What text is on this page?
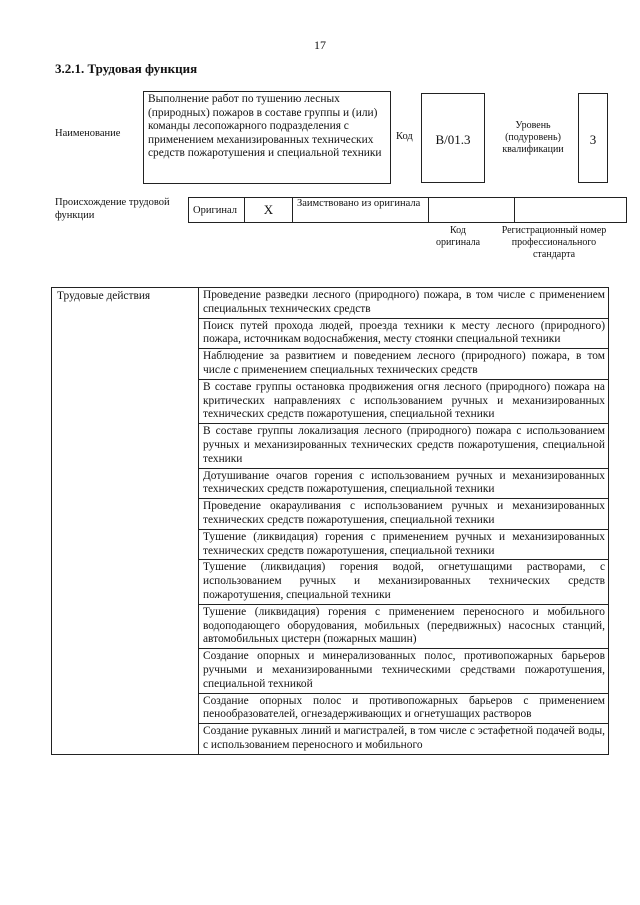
17
3.2.1. Трудовая функция
Наименование
Выполнение работ по тушению лесных (природных) пожаров в составе группы и (или) команды лесопожарного подразделения с применением механизированных технических средств пожаротушения и специальной техники
Код	B/01.3
Уровень (подуровень) квалификации
3
Происхождение трудовой функции	Оригинал	X	Заимствовано из оригинала		
Код оригинала
Регистрационный номер профессионального стандарта
Трудовые действия	Проведение разведки лесного (природного) пожара, в том числе с применением специальных технических средств
Поиск путей прохода людей, проезда техники к месту лесного (природного) пожара, источникам водоснабжения, месту стоянки специальной техники
Наблюдение за развитием и поведением лесного (природного) пожара, в том числе с применением специальных технических средств
В составе группы остановка продвижения огня лесного (природного) пожара на критических направлениях с использованием ручных и механизированных технических средств пожаротушения, специальной техники
В составе группы локализация лесного (природного) пожара с использованием ручных и механизированных технических средств пожаротушения, специальной техники
Дотушивание очагов горения с использованием ручных и механизированных технических средств пожаротушения, специальной техники
Проведение окарауливания с использованием ручных и механизированных технических средств пожаротушения, специальной техники
Тушение (ликвидация) горения с применением ручных и механизированных технических средств пожаротушения, специальной техники
Тушение (ликвидация) горения водой, огнетушащими растворами, с использованием ручных и механизированных технических средств пожаротушения, специальной техники
Тушение (ликвидация) горения с применением переносного и мобильного водоподающего оборудования, мобильных (передвижных) насосных станций, автомобильных цистерн (пожарных машин)
Создание опорных и минерализованных полос, противопожарных барьеров ручными и механизированными техническими средствами пожаротушения, специальной техникой
Создание опорных полос и противопожарных барьеров с применением пенообразователей, огнезадерживающих и огнетушащих растворов
Создание рукавных линий и магистралей, в том числе с эстафетной подачей воды, с использованием переносного и мобильного
